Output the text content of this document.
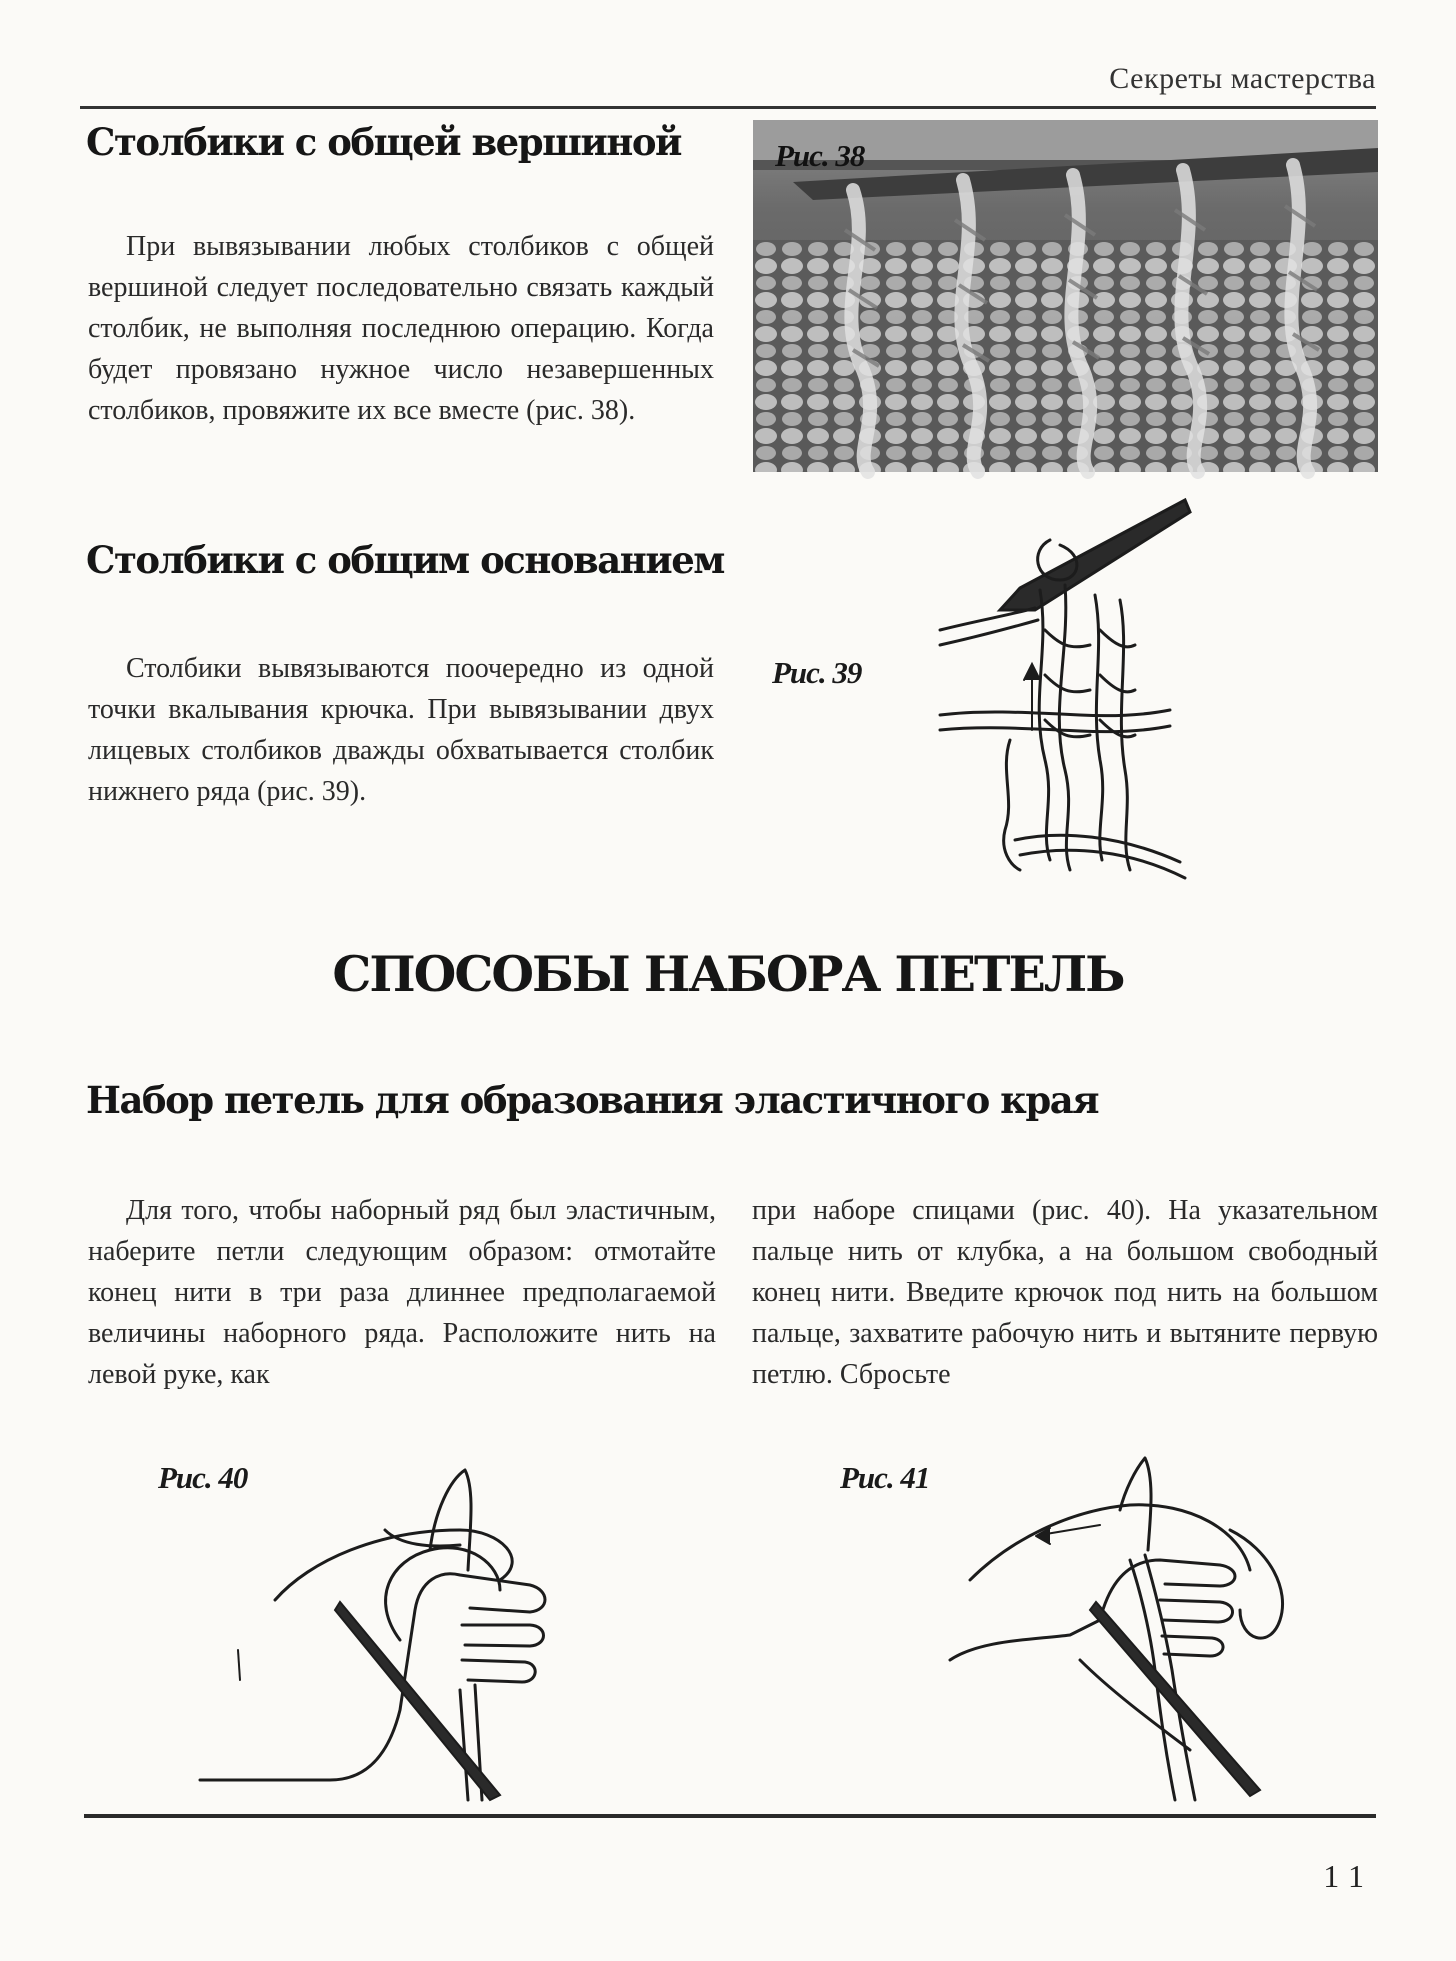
Секреты мастерства
Столбики с общей вершиной

При вывязывании любых столбиков с общей вершиной следует последовательно связать каждый столбик, не выполняя последнюю операцию. Когда будет провязано нужное число незавершенных столбиков, провяжите их все вместе (рис. 38).

Рис. 38
Столбики с общим основанием

Столбики вывязываются поочередно из одной точки вкалывания крючка. При вывязывании двух лицевых столбиков дважды обхватывается столбик нижнего ряда (рис. 39).

Рис. 39
СПОСОБЫ НАБОРА ПЕТЕЛЬ
Набор петель для образования эластичного края

Для того, чтобы наборный ряд был эластичным, наберите петли следующим образом: отмотайте конец нити в три раза длиннее предполагаемой величины наборного ряда. Расположите нить на левой руке, как

при наборе спицами (рис. 40). На указательном пальце нить от клубка, а на большом свободный конец нити. Введите крючок под нить на большом пальце, захватите рабочую нить и вытяните первую петлю. Сбросьте

Рис. 40	Рис. 41
11
